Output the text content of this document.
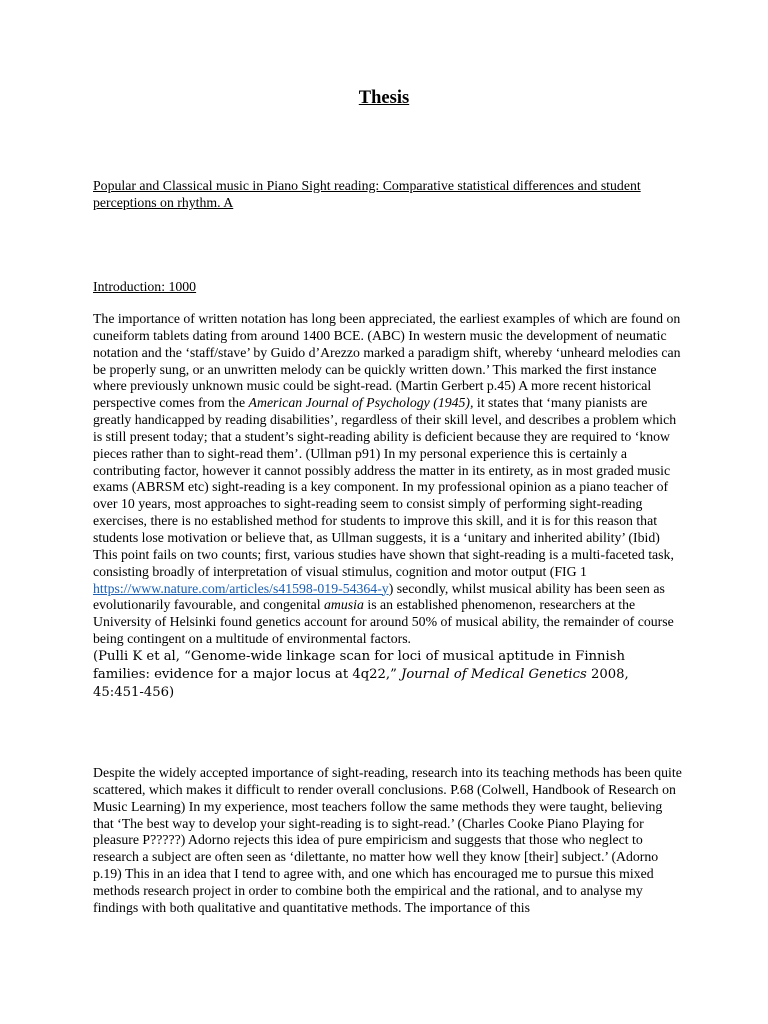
Thesis

Popular and Classical music in Piano Sight reading: Comparative statistical differences and student perceptions on rhythm. A

Introduction: 1000

The importance of written notation has long been appreciated, the earliest examples of which are found on cuneiform tablets dating from around 1400 BCE. (ABC) In western music the development of neumatic notation and the ‘staff/stave’ by Guido d’Arezzo marked a paradigm shift, whereby ‘unheard melodies can be properly sung, or an unwritten melody can be quickly written down.’ This marked the first instance where previously unknown music could be sight-read. (Martin Gerbert p.45) A more recent historical perspective comes from the American Journal of Psychology (1945), it states that ‘many pianists are greatly handicapped by reading disabilities’, regardless of their skill level, and describes a problem which is still present today; that a student’s sight-reading ability is deficient because they are required to ‘know pieces rather than to sight-read them’. (Ullman p91) In my personal experience this is certainly a contributing factor, however it cannot possibly address the matter in its entirety, as in most graded music exams (ABRSM etc) sight-reading is a key component. In my professional opinion as a piano teacher of over 10 years, most approaches to sight-reading seem to consist simply of performing sight-reading exercises, there is no established method for students to improve this skill, and it is for this reason that students lose motivation or believe that, as Ullman suggests, it is a ‘unitary and inherited ability’ (Ibid) This point fails on two counts; first, various studies have shown that sight-reading is a multi-faceted task, consisting broadly of interpretation of visual stimulus, cognition and motor output (FIG 1 https://www.nature.com/articles/s41598-019-54364-y) secondly, whilst musical ability has been seen as evolutionarily favourable, and congenital amusia is an established phenomenon, researchers at the University of Helsinki found genetics account for around 50% of musical ability, the remainder of course being contingent on a multitude of environmental factors.
(Pulli K et al, “Genome-wide linkage scan for loci of musical aptitude in Finnish families: evidence for a major locus at 4q22,” Journal of Medical Genetics 2008, 45:451-456)

Despite the widely accepted importance of sight-reading, research into its teaching methods has been quite scattered, which makes it difficult to render overall conclusions. P.68 (Colwell, Handbook of Research on Music Learning) In my experience, most teachers follow the same methods they were taught, believing that ‘The best way to develop your sight-reading is to sight-read.’ (Charles Cooke Piano Playing for pleasure P?????) Adorno rejects this idea of pure empiricism and suggests that those who neglect to research a subject are often seen as ‘dilettante, no matter how well they know [their] subject.’ (Adorno p.19) This in an idea that I tend to agree with, and one which has encouraged me to pursue this mixed methods research project in order to combine both the empirical and the rational, and to analyse my findings with both qualitative and quantitative methods. The importance of this
